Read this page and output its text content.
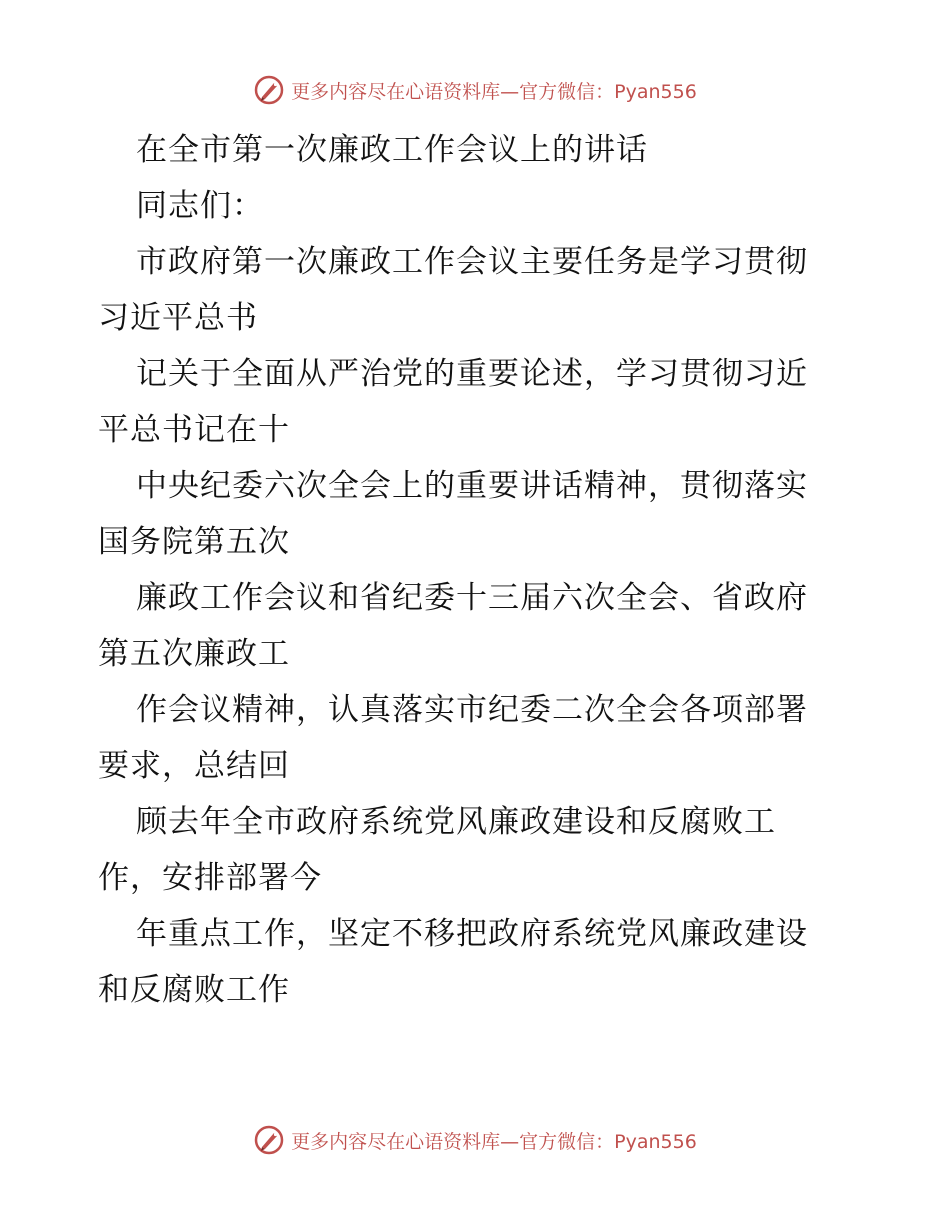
更多内容尽在心语资料库—官方微信：Pyan556
在全市第一次廉政工作会议上的讲话
同志们：
市政府第一次廉政工作会议主要任务是学习贯彻
习近平总书
记关于全面从严治党的重要论述，学习贯彻习近
平总书记在十
中央纪委六次全会上的重要讲话精神，贯彻落实
国务院第五次
廉政工作会议和省纪委十三届六次全会、省政府
第五次廉政工
作会议精神，认真落实市纪委二次全会各项部署
要求，总结回
顾去年全市政府系统党风廉政建设和反腐败工
作，安排部署今
年重点工作，坚定不移把政府系统党风廉政建设
和反腐败工作
更多内容尽在心语资料库—官方微信：Pyan556
